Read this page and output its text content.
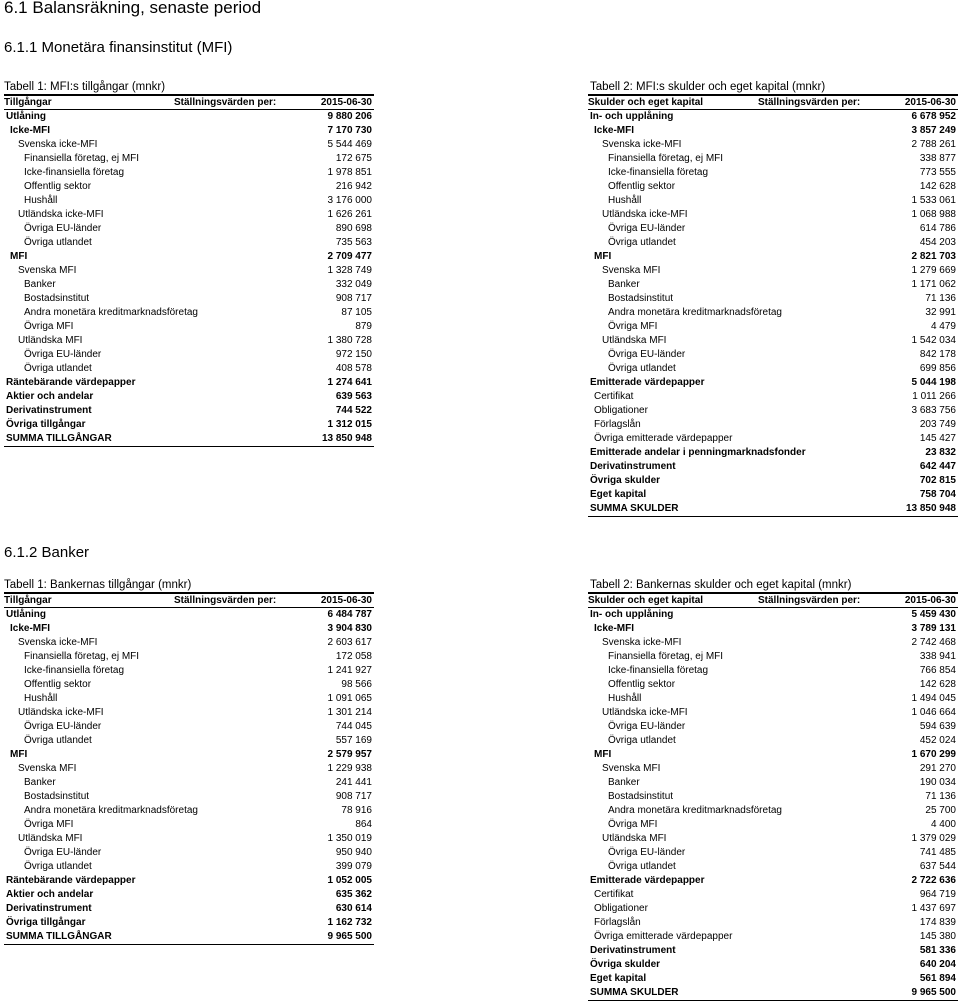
6.1 Balansräkning, senaste period
6.1.1 Monetära finansinstitut (MFI)
Tabell 1: MFI:s tillgångar (mnkr)	Tabell 2: MFI:s skulder och eget kapital (mnkr)
Tillgångar	Ställningsvärden per:	2015-06-30
Utlåning	9 880 206
Icke-MFI	7 170 730
Svenska icke-MFI	5 544 469
Finansiella företag, ej MFI	172 675
Icke-finansiella företag	1 978 851
Offentlig sektor	216 942
Hushåll	3 176 000
Utländska icke-MFI	1 626 261
Övriga EU-länder	890 698
Övriga utlandet	735 563
MFI	2 709 477
Svenska MFI	1 328 749
Banker	332 049
Bostadsinstitut	908 717
Andra monetära kreditmarknadsföretag	87 105
Övriga MFI	879
Utländska MFI	1 380 728
Övriga EU-länder	972 150
Övriga utlandet	408 578
Räntebärande värdepapper	1 274 641
Aktier och andelar	639 563
Derivatinstrument	744 522
Övriga tillgångar	1 312 015
SUMMA TILLGÅNGAR	13 850 948
Skulder och eget kapital	Ställningsvärden per:	2015-06-30
In- och upplåning	6 678 952
Icke-MFI	3 857 249
Svenska icke-MFI	2 788 261
Finansiella företag, ej MFI	338 877
Icke-finansiella företag	773 555
Offentlig sektor	142 628
Hushåll	1 533 061
Utländska icke-MFI	1 068 988
Övriga EU-länder	614 786
Övriga utlandet	454 203
MFI	2 821 703
Svenska MFI	1 279 669
Banker	1 171 062
Bostadsinstitut	71 136
Andra monetära kreditmarknadsföretag	32 991
Övriga MFI	4 479
Utländska MFI	1 542 034
Övriga EU-länder	842 178
Övriga utlandet	699 856
Emitterade värdepapper	5 044 198
Certifikat	1 011 266
Obligationer	3 683 756
Förlagslån	203 749
Övriga emitterade värdepapper	145 427
Emitterade andelar i penningmarknadsfonder	23 832
Derivatinstrument	642 447
Övriga skulder	702 815
Eget kapital	758 704
SUMMA SKULDER	13 850 948
6.1.2 Banker
Tabell 1: Bankernas tillgångar (mnkr)	Tabell 2: Bankernas skulder och eget kapital (mnkr)
Tillgångar	Ställningsvärden per:	2015-06-30
Utlåning	6 484 787
Icke-MFI	3 904 830
Svenska icke-MFI	2 603 617
Finansiella företag, ej MFI	172 058
Icke-finansiella företag	1 241 927
Offentlig sektor	98 566
Hushåll	1 091 065
Utländska icke-MFI	1 301 214
Övriga EU-länder	744 045
Övriga utlandet	557 169
MFI	2 579 957
Svenska MFI	1 229 938
Banker	241 441
Bostadsinstitut	908 717
Andra monetära kreditmarknadsföretag	78 916
Övriga MFI	864
Utländska MFI	1 350 019
Övriga EU-länder	950 940
Övriga utlandet	399 079
Räntebärande värdepapper	1 052 005
Aktier och andelar	635 362
Derivatinstrument	630 614
Övriga tillgångar	1 162 732
SUMMA TILLGÅNGAR	9 965 500
Skulder och eget kapital	Ställningsvärden per:	2015-06-30
In- och upplåning	5 459 430
Icke-MFI	3 789 131
Svenska icke-MFI	2 742 468
Finansiella företag, ej MFI	338 941
Icke-finansiella företag	766 854
Offentlig sektor	142 628
Hushåll	1 494 045
Utländska icke-MFI	1 046 664
Övriga EU-länder	594 639
Övriga utlandet	452 024
MFI	1 670 299
Svenska MFI	291 270
Banker	190 034
Bostadsinstitut	71 136
Andra monetära kreditmarknadsföretag	25 700
Övriga MFI	4 400
Utländska MFI	1 379 029
Övriga EU-länder	741 485
Övriga utlandet	637 544
Emitterade värdepapper	2 722 636
Certifikat	964 719
Obligationer	1 437 697
Förlagslån	174 839
Övriga emitterade värdepapper	145 380
Derivatinstrument	581 336
Övriga skulder	640 204
Eget kapital	561 894
SUMMA SKULDER	9 965 500
